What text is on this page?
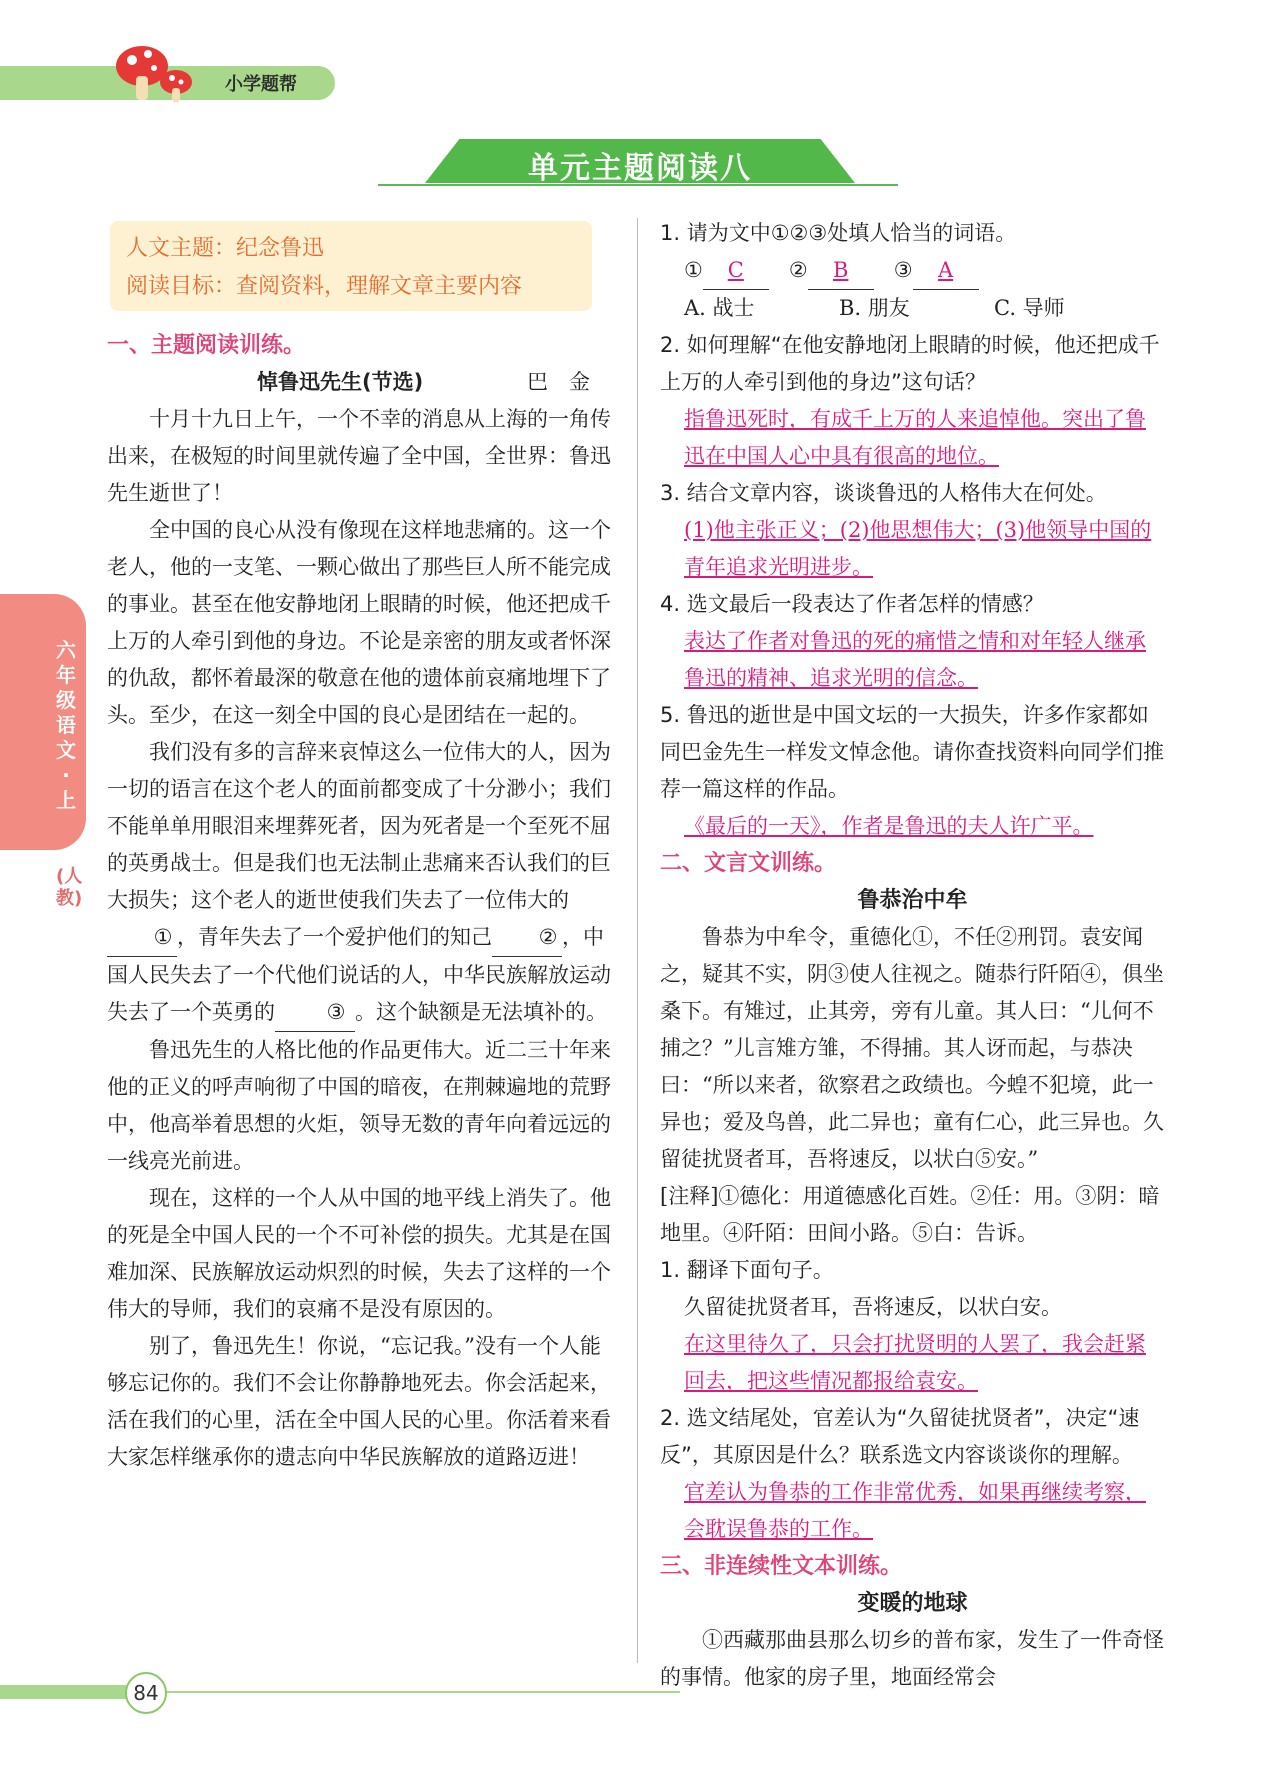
小学题帮
单元主题阅读八
人文主题：纪念鲁迅
阅读目标：查阅资料，理解文章主要内容
六年级语文·上
(人教)

一、主题阅读训练。

悼鲁迅先生(节选)	巴　金

十月十九日上午，一个不幸的消息从上海的一角传出来，在极短的时间里就传遍了全中国，全世界：鲁迅先生逝世了！

全中国的良心从没有像现在这样地悲痛的。这一个老人，他的一支笔、一颗心做出了那些巨人所不能完成的事业。甚至在他安静地闭上眼睛的时候，他还把成千上万的人牵引到他的身边。不论是亲密的朋友或者怀深的仇敌，都怀着最深的敬意在他的遗体前哀痛地埋下了头。至少，在这一刻全中国的良心是团结在一起的。

我们没有多的言辞来哀悼这么一位伟大的人，因为一切的语言在这个老人的面前都变成了十分渺小；我们不能单单用眼泪来埋葬死者，因为死者是一个至死不屈的英勇战士。但是我们也无法制止悲痛来否认我们的巨大损失；这个老人的逝世使我们失去了一位伟大的① ，青年失去了一个爱护他们的知己 ② ，中国人民失去了一个代他们说话的人，中华民族解放运动失去了一个英勇的 ③ 。这个缺额是无法填补的。

鲁迅先生的人格比他的作品更伟大。近二三十年来他的正义的呼声响彻了中国的暗夜，在荆棘遍地的荒野中，他高举着思想的火炬，领导无数的青年向着远远的一线亮光前进。

现在，这样的一个人从中国的地平线上消失了。他的死是全中国人民的一个不可补偿的损失。尤其是在国难加深、民族解放运动炽烈的时候，失去了这样的一个伟大的导师，我们的哀痛不是没有原因的。

别了，鲁迅先生！你说，“忘记我。”没有一个人能够忘记你的。我们不会让你静静地死去。你会活起来，活在我们的心里，活在全中国人民的心里。你活着来看大家怎样继承你的遗志向中华民族解放的道路迈进！

1. 请为文中①②③处填人恰当的词语。

① C ② B ③ A

A. 战士	B. 朋友	C. 导师

2. 如何理解“在他安静地闭上眼睛的时候，他还把成千上万的人牵引到他的身边”这句话？

指鲁迅死时，有成千上万的人来追悼他。突出了鲁迅在中国人心中具有很高的地位。

3. 结合文章内容，谈谈鲁迅的人格伟大在何处。

(1)他主张正义；(2)他思想伟大；(3)他领导中国的青年追求光明进步。

4. 选文最后一段表达了作者怎样的情感？

表达了作者对鲁迅的死的痛惜之情和对年轻人继承鲁迅的精神、追求光明的信念。

5. 鲁迅的逝世是中国文坛的一大损失，许多作家都如同巴金先生一样发文悼念他。请你查找资料向同学们推荐一篇这样的作品。

《最后的一天》，作者是鲁迅的夫人许广平。

二、文言文训练。

鲁恭治中牟

鲁恭为中牟令，重德化①，不任②刑罚。袁安闻之，疑其不实，阴③使人往视之。随恭行阡陌④，俱坐桑下。有雉过，止其旁，旁有儿童。其人曰：“儿何不捕之？”儿言雉方雏，不得捕。其人讶而起，与恭决曰：“所以来者，欲察君之政绩也。今蝗不犯境，此一异也；爱及鸟兽，此二异也；童有仁心，此三异也。久留徒扰贤者耳，吾将速反，以状白⑤安。”

[注释]①德化：用道德感化百姓。②任：用。③阴：暗地里。④阡陌：田间小路。⑤白：告诉。

1. 翻译下面句子。

久留徒扰贤者耳，吾将速反，以状白安。

在这里待久了，只会打扰贤明的人罢了，我会赶紧回去，把这些情况都报给袁安。

2. 选文结尾处，官差认为“久留徒扰贤者”，决定“速反”，其原因是什么？联系选文内容谈谈你的理解。

官差认为鲁恭的工作非常优秀，如果再继续考察，会耽误鲁恭的工作。

三、非连续性文本训练。

变暖的地球

①西藏那曲县那么切乡的普布家，发生了一件奇怪的事情。他家的房子里，地面经常会

84
